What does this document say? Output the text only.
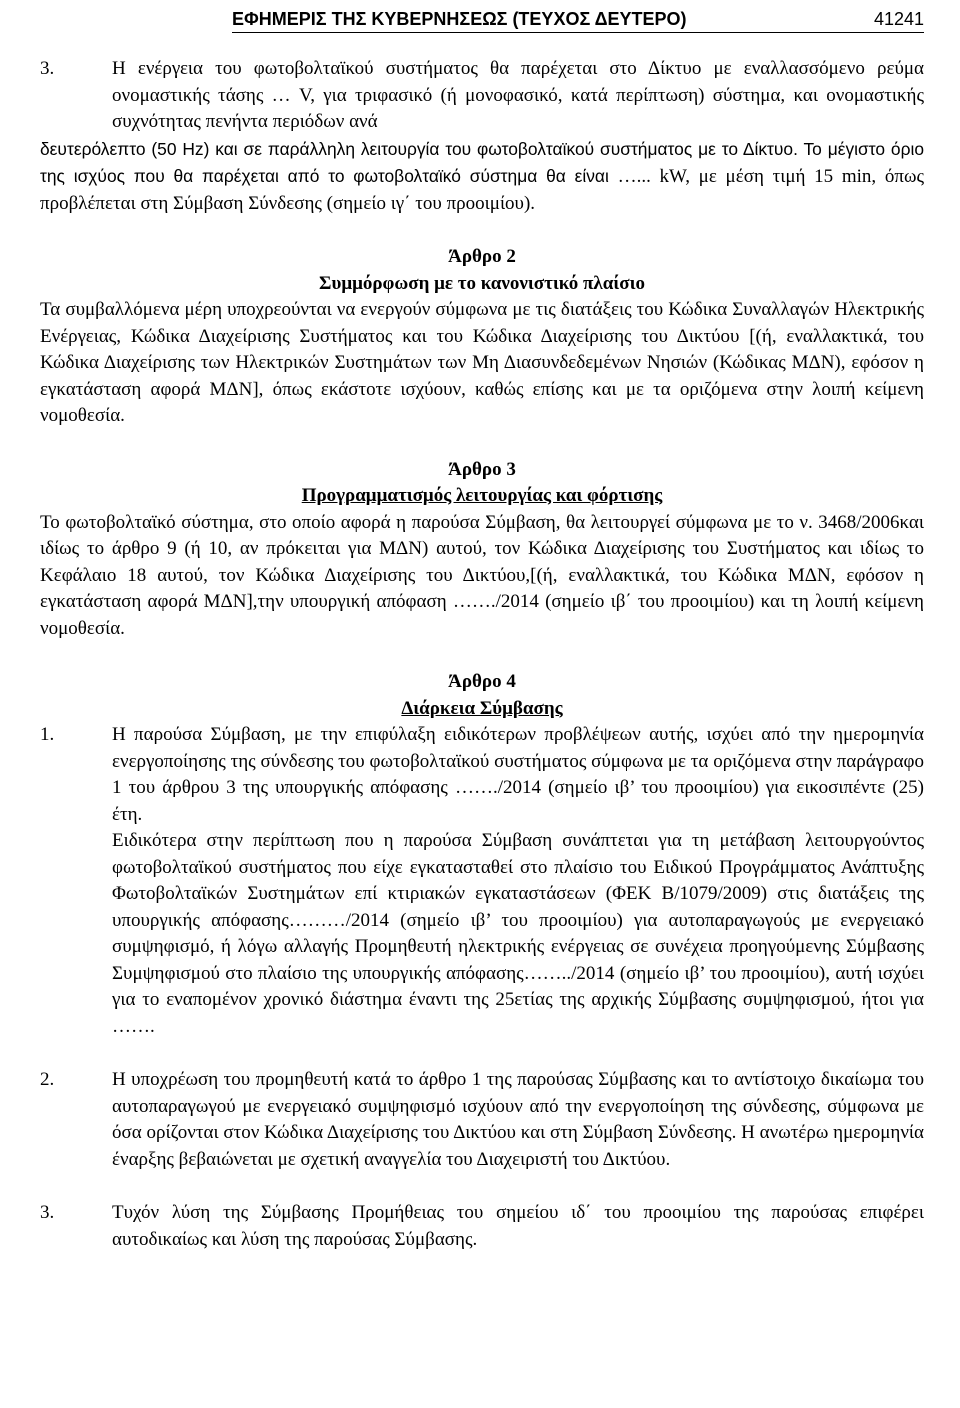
ΕΦΗΜΕΡΙΣ ΤΗΣ ΚΥΒΕΡΝΗΣΕΩΣ (ΤΕΥΧΟΣ ΔΕΥΤΕΡΟ)	41241
3.	Η ενέργεια του φωτοβολταϊκού συστήματος θα παρέχεται στο Δίκτυο με εναλλασσόμενο ρεύμα ονομαστικής τάσης … V, για τριφασικό (ή μονοφασικό, κατά περίπτωση) σύστημα, και ονομαστικής συχνότητας πενήντα περιόδων ανά

δευτερόλεπτο (50 Hz) και σε παράλληλη λειτουργία του φωτοβολταϊκού συστήματος με το Δίκτυο. Το μέγιστο όριο της ισχύος που θα παρέχεται από το φωτοβολταϊκό σύστημα θα είναι …... kW, με μέση τιμή 15 min, όπως προβλέπεται στη Σύμβαση Σύνδεσης (σημείο ιγ΄ του προοιμίου).

Άρθρο 2

Συμμόρφωση με το κανονιστικό πλαίσιο

Τα συμβαλλόμενα μέρη υποχρεούνται να ενεργούν σύμφωνα με τις διατάξεις του Κώδικα Συναλλαγών Ηλεκτρικής Ενέργειας, Κώδικα Διαχείρισης Συστήματος και του Κώδικα Διαχείρισης του Δικτύου [(ή, εναλλακτικά, του Κώδικα Διαχείρισης των Ηλεκτρικών Συστημάτων των Μη Διασυνδεδεμένων Νησιών (Κώδικας ΜΔΝ), εφόσον η εγκατάσταση αφορά ΜΔΝ], όπως εκάστοτε ισχύουν, καθώς επίσης και με τα οριζόμενα στην λοιπή κείμενη νομοθεσία.

Άρθρο 3

Προγραμματισμός λειτουργίας και φόρτισης

Το φωτοβολταϊκό σύστημα, στο οποίο αφορά η παρούσα Σύμβαση, θα λειτουργεί σύμφωνα με το ν. 3468/2006και ιδίως το άρθρο 9 (ή 10, αν πρόκειται για ΜΔΝ) αυτού, τον Κώδικα Διαχείρισης του Συστήματος και ιδίως το Κεφάλαιο 18 αυτού, τον Κώδικα Διαχείρισης του Δικτύου,[(ή, εναλλακτικά, του Κώδικα ΜΔΝ, εφόσον η εγκατάσταση αφορά ΜΔΝ],την υπουργική απόφαση ……./2014 (σημείο ιβ΄ του προοιμίου) και τη λοιπή κείμενη νομοθεσία.

Άρθρο 4

Διάρκεια Σύμβασης

1.	Η παρούσα Σύμβαση, με την επιφύλαξη ειδικότερων προβλέψεων αυτής, ισχύει από την ημερομηνία ενεργοποίησης της σύνδεσης του φωτοβολταϊκού συστήματος σύμφωνα με τα οριζόμενα στην παράγραφο 1 του άρθρου 3 της υπουργικής απόφασης ……./2014 (σημείο ιβ’ του προοιμίου) για εικοσιπέντε (25) έτη.

Ειδικότερα στην περίπτωση που η παρούσα Σύμβαση συνάπτεται για τη μετάβαση λειτουργούντος φωτοβολταϊκού συστήματος που είχε εγκατασταθεί στο πλαίσιο του Ειδικού Προγράμματος Ανάπτυξης Φωτοβολταϊκών Συστημάτων επί κτιριακών εγκαταστάσεων (ΦΕΚ Β/1079/2009) στις διατάξεις της υπουργικής απόφασης………/2014 (σημείο ιβ’ του προοιμίου) για αυτοπαραγωγούς με ενεργειακό συμψηφισμό, ή λόγω αλλαγής Προμηθευτή ηλεκτρικής ενέργειας σε συνέχεια προηγούμενης Σύμβασης Συμψηφισμού στο πλαίσιο της υπουργικής απόφασης……../2014 (σημείο ιβ’ του προοιμίου), αυτή ισχύει για το εναπομένον χρονικό διάστημα έναντι της 25ετίας της αρχικής Σύμβασης συμψηφισμού, ήτοι για …….

2.	Η υποχρέωση του προμηθευτή κατά το άρθρο 1 της παρούσας Σύμβασης και το αντίστοιχο δικαίωμα του αυτοπαραγωγού με ενεργειακό συμψηφισμό ισχύουν από την ενεργοποίηση της σύνδεσης, σύμφωνα με όσα ορίζονται στον Κώδικα Διαχείρισης του Δικτύου και στη Σύμβαση Σύνδεσης. Η ανωτέρω ημερομηνία έναρξης βεβαιώνεται με σχετική αναγγελία του Διαχειριστή του Δικτύου.

3.	Τυχόν λύση της Σύμβασης Προμήθειας του σημείου ιδ΄ του προοιμίου της παρούσας επιφέρει αυτοδικαίως και λύση της παρούσας Σύμβασης.
